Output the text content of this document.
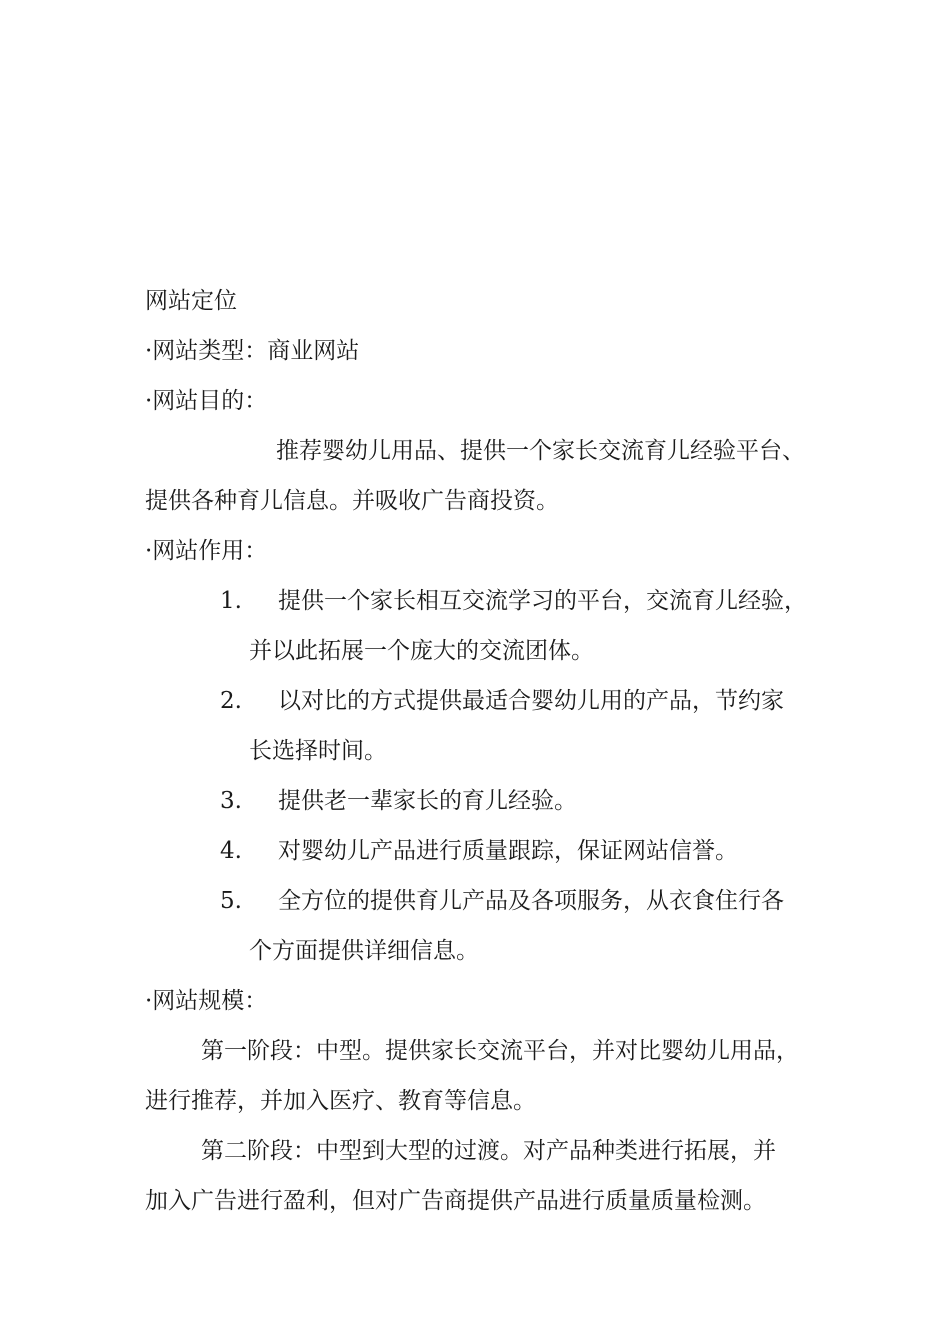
网站定位
·网站类型：商业网站
·网站目的：
推荐婴幼儿用品、提供一个家长交流育儿经验平台、
提供各种育儿信息。并吸收广告商投资。
·网站作用：
1. 提供一个家长相互交流学习的平台，交流育儿经验，
并以此拓展一个庞大的交流团体。
2. 以对比的方式提供最适合婴幼儿用的产品，节约家
长选择时间。
3. 提供老一辈家长的育儿经验。
4. 对婴幼儿产品进行质量跟踪，保证网站信誉。
5. 全方位的提供育儿产品及各项服务，从衣食住行各
个方面提供详细信息。
·网站规模：
第一阶段：中型。提供家长交流平台，并对比婴幼儿用品，
进行推荐，并加入医疗、教育等信息。
第二阶段：中型到大型的过渡。对产品种类进行拓展，并
加入广告进行盈利，但对广告商提供产品进行质量质量检测。
